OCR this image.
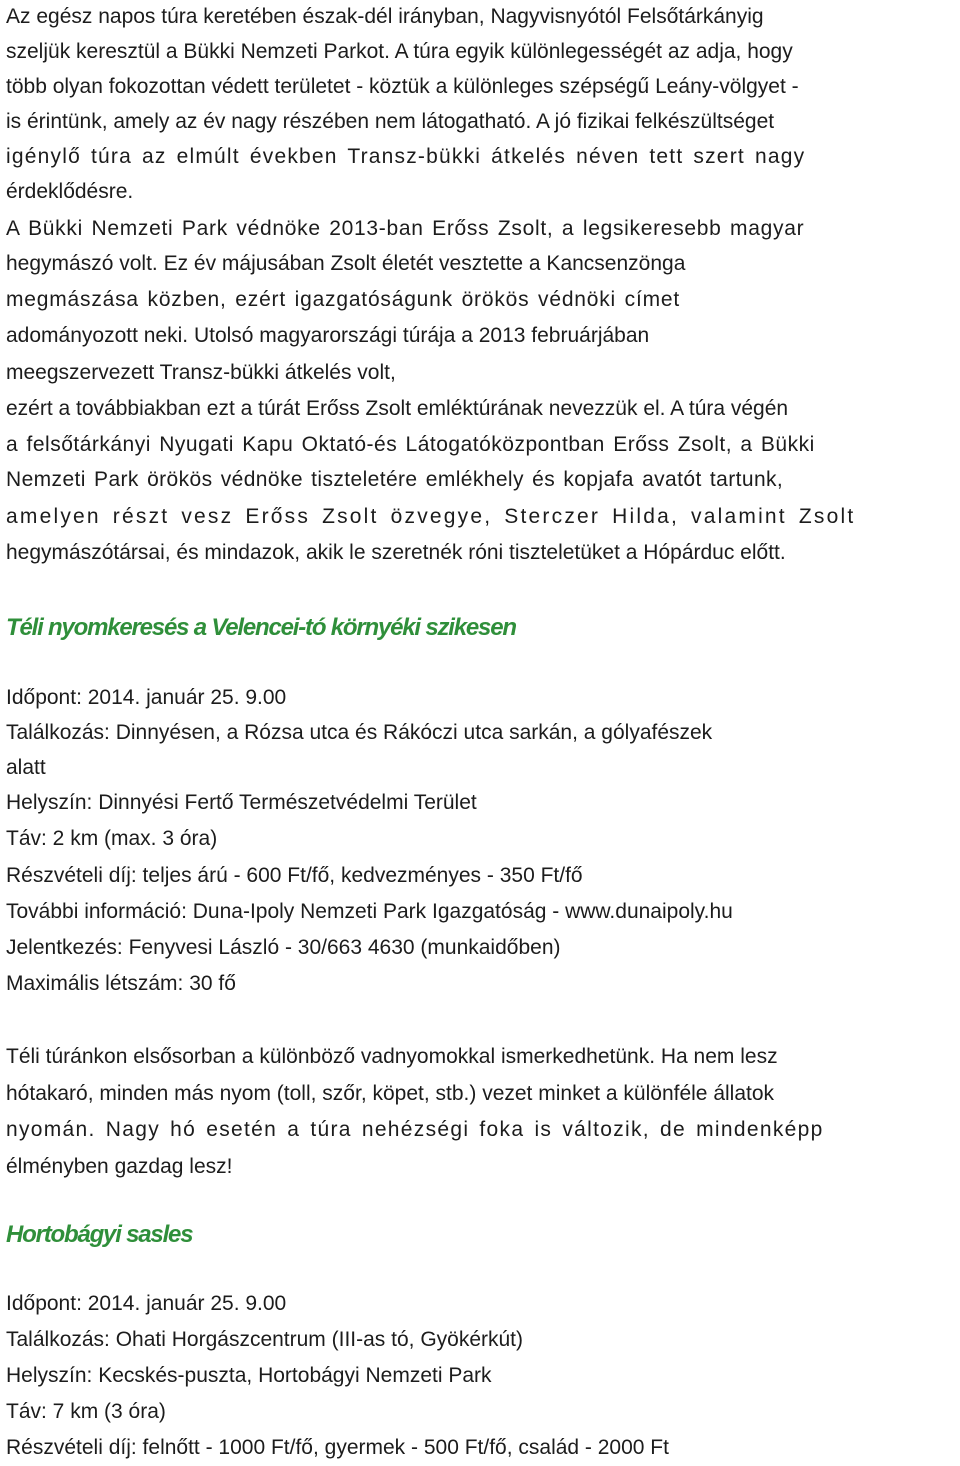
Az egész napos túra keretében észak-dél irányban, Nagyvisnyótól Felsőtárkányig
szeljük keresztül a Bükki Nemzeti Parkot. A túra egyik különlegességét az adja, hogy
több olyan fokozottan védett területet - köztük a különleges szépségű Leány-völgyet -
is érintünk, amely az év nagy részében nem látogatható. A jó fizikai felkészültséget
igénylő túra az elmúlt években Transz-bükki átkelés néven tett szert nagy
érdeklődésre.
A Bükki Nemzeti Park védnöke 2013-ban Erőss Zsolt, a legsikeresebb magyar
hegymászó volt. Ez év májusában Zsolt életét vesztette a Kancsenzönga
megmászása közben, ezért igazgatóságunk örökös védnöki címet
adományozott neki. Utolsó magyarországi túrája a 2013 februárjában
meegszervezett Transz-bükki átkelés volt,
ezért a továbbiakban ezt a túrát Erőss Zsolt emléktúrának nevezzük el. A túra végén
a felsőtárkányi Nyugati Kapu Oktató-és Látogatóközpontban Erőss Zsolt, a Bükki
Nemzeti Park örökös védnöke tiszteletére emlékhely és kopjafa avatót tartunk,
amelyen részt vesz Erőss Zsolt özvegye, Sterczer Hilda, valamint Zsolt
hegymászótársai, és mindazok, akik le szeretnék róni tiszteletüket a Hópárduc előtt.
Téli nyomkeresés a Velencei-tó környéki szikesen
Időpont: 2014. január 25. 9.00
Találkozás: Dinnyésen, a Rózsa utca és Rákóczi utca sarkán, a gólyafészek
alatt
Helyszín: Dinnyési Fertő Természetvédelmi Terület
Táv: 2 km (max. 3 óra)
Részvételi díj: teljes árú - 600 Ft/fő, kedvezményes - 350 Ft/fő
További információ: Duna-Ipoly Nemzeti Park Igazgatóság - www.dunaipoly.hu
Jelentkezés: Fenyvesi László - 30/663 4630 (munkaidőben)
Maximális létszám: 30 fő
Téli túránkon elsősorban a különböző vadnyomokkal ismerkedhetünk. Ha nem lesz
hótakaró, minden más nyom (toll, szőr, köpet, stb.) vezet minket a különféle állatok
nyomán. Nagy hó esetén a túra nehézségi foka is változik, de mindenképp
élményben gazdag lesz!
Hortobágyi sasles
Időpont: 2014. január 25. 9.00
Találkozás: Ohati Horgászcentrum (III-as tó, Gyökérkút)
Helyszín: Kecskés-puszta, Hortobágyi Nemzeti Park
Táv: 7 km (3 óra)
Részvételi díj: felnőtt - 1000 Ft/fő, gyermek - 500 Ft/fő, család - 2000 Ft
